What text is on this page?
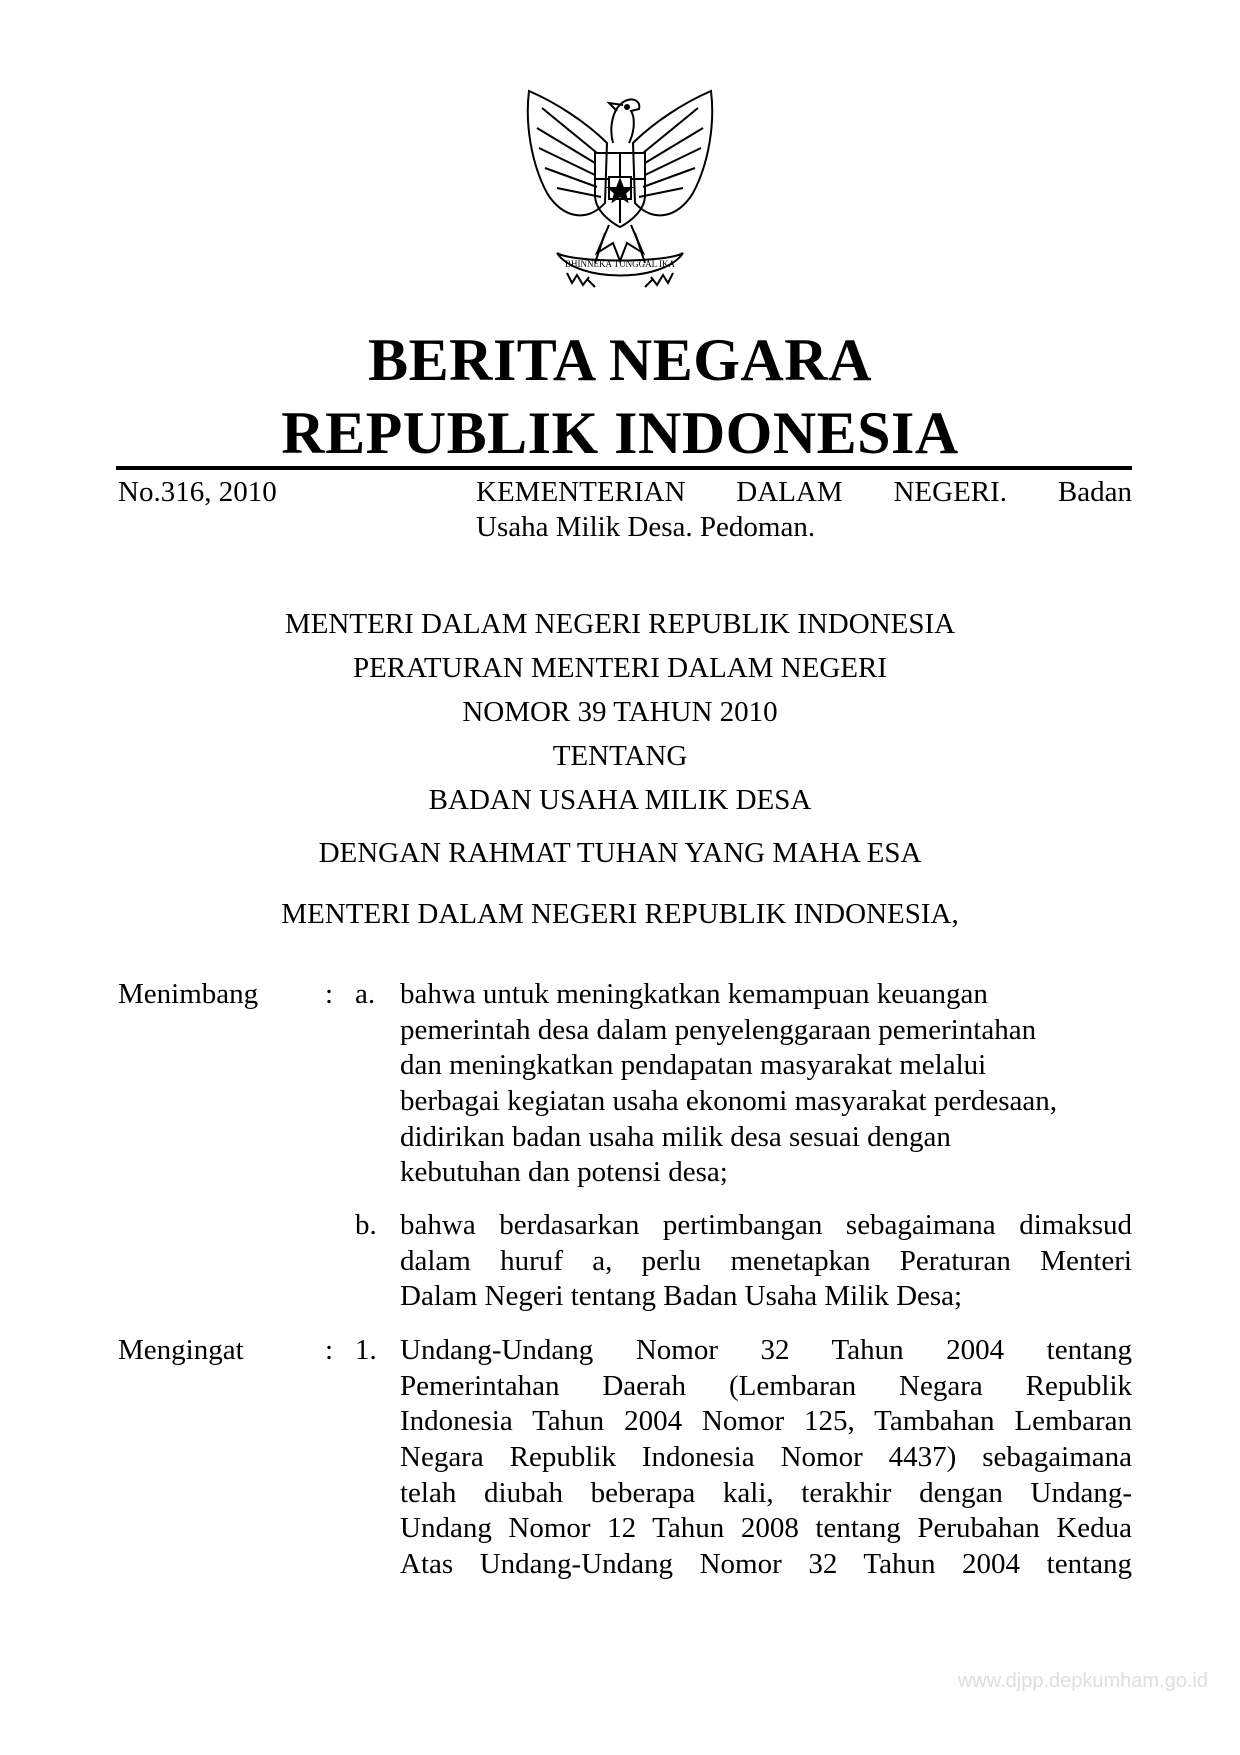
BHINNEKA TUNGGAL IKA
BERITA NEGARA
REPUBLIK INDONESIA
No.316, 2010	KEMENTERIAN DALAM NEGERI. Badan
Usaha Milik Desa. Pedoman.
MENTERI DALAM NEGERI REPUBLIK INDONESIA
PERATURAN MENTERI DALAM NEGERI
NOMOR 39 TAHUN 2010
TENTANG
BADAN USAHA MILIK DESA
DENGAN RAHMAT TUHAN YANG MAHA ESA
MENTERI DALAM NEGERI REPUBLIK INDONESIA,
Menimbang : a. bahwa untuk meningkatkan kemampuan keuangan
pemerintah desa dalam penyelenggaraan pemerintahan
dan meningkatkan pendapatan masyarakat melalui
berbagai kegiatan usaha ekonomi masyarakat perdesaan,
didirikan badan usaha milik desa sesuai dengan
kebutuhan dan potensi desa;
b. bahwa berdasarkan pertimbangan sebagaimana dimaksud
dalam huruf a, perlu menetapkan Peraturan Menteri
Dalam Negeri tentang Badan Usaha Milik Desa;
Mengingat	: 1. Undang-Undang Nomor 32 Tahun 2004 tentang
Pemerintahan Daerah (Lembaran Negara Republik
Indonesia Tahun 2004 Nomor 125, Tambahan Lembaran
Negara Republik Indonesia Nomor 4437) sebagaimana
telah diubah beberapa kali, terakhir dengan Undang-
Undang Nomor 12 Tahun 2008 tentang Perubahan Kedua
Atas Undang-Undang Nomor 32 Tahun 2004 tentang
www.djpp.depkumham.go.id
